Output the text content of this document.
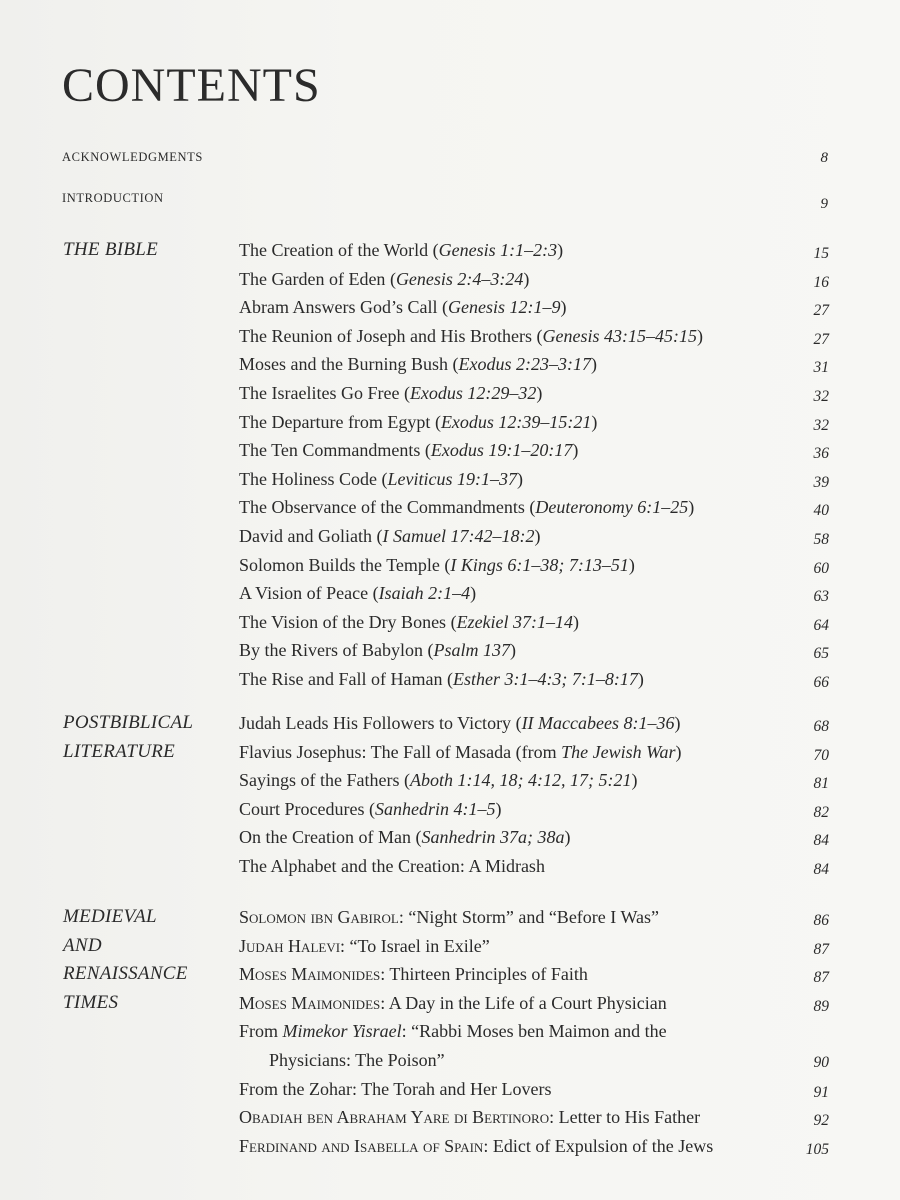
CONTENTS
ACKNOWLEDGMENTS	8
INTRODUCTION	9
THE BIBLE	The Creation of the World (Genesis 1:1–2:3)	15
The Garden of Eden (Genesis 2:4–3:24)	16
Abram Answers God’s Call (Genesis 12:1–9)	27
The Reunion of Joseph and His Brothers (Genesis 43:15–45:15)	27
Moses and the Burning Bush (Exodus 2:23–3:17)	31
The Israelites Go Free (Exodus 12:29–32)	32
The Departure from Egypt (Exodus 12:39–15:21)	32
The Ten Commandments (Exodus 19:1–20:17)	36
The Holiness Code (Leviticus 19:1–37)	39
The Observance of the Commandments (Deuteronomy 6:1–25)	40
David and Goliath (I Samuel 17:42–18:2)	58
Solomon Builds the Temple (I Kings 6:1–38; 7:13–51)	60
A Vision of Peace (Isaiah 2:1–4)	63
The Vision of the Dry Bones (Ezekiel 37:1–14)	64
By the Rivers of Babylon (Psalm 137)	65
The Rise and Fall of Haman (Esther 3:1–4:3; 7:1–8:17)	66
POSTBIBLICAL
LITERATURE
Judah Leads His Followers to Victory (II Maccabees 8:1–36)	68
Flavius Josephus: The Fall of Masada (from The Jewish War)	70
Sayings of the Fathers (Aboth 1:14, 18; 4:12, 17; 5:21)	81
Court Procedures (Sanhedrin 4:1–5)	82
On the Creation of Man (Sanhedrin 37a; 38a)	84
The Alphabet and the Creation: A Midrash	84
MEDIEVAL
AND
RENAISSANCE
TIMES
Solomon ibn Gabirol: “Night Storm” and “Before I Was”	86
Judah Halevi: “To Israel in Exile”	87
Moses Maimonides: Thirteen Principles of Faith	87
Moses Maimonides: A Day in the Life of a Court Physician	89
From Mimekor Yisrael: “Rabbi Moses ben Maimon and the
Physicians: The Poison”	90
From the Zohar: The Torah and Her Lovers	91
Obadiah ben Abraham Yare di Bertinoro: Letter to His Father	92
Ferdinand and Isabella of Spain: Edict of Expulsion of the Jews	105
